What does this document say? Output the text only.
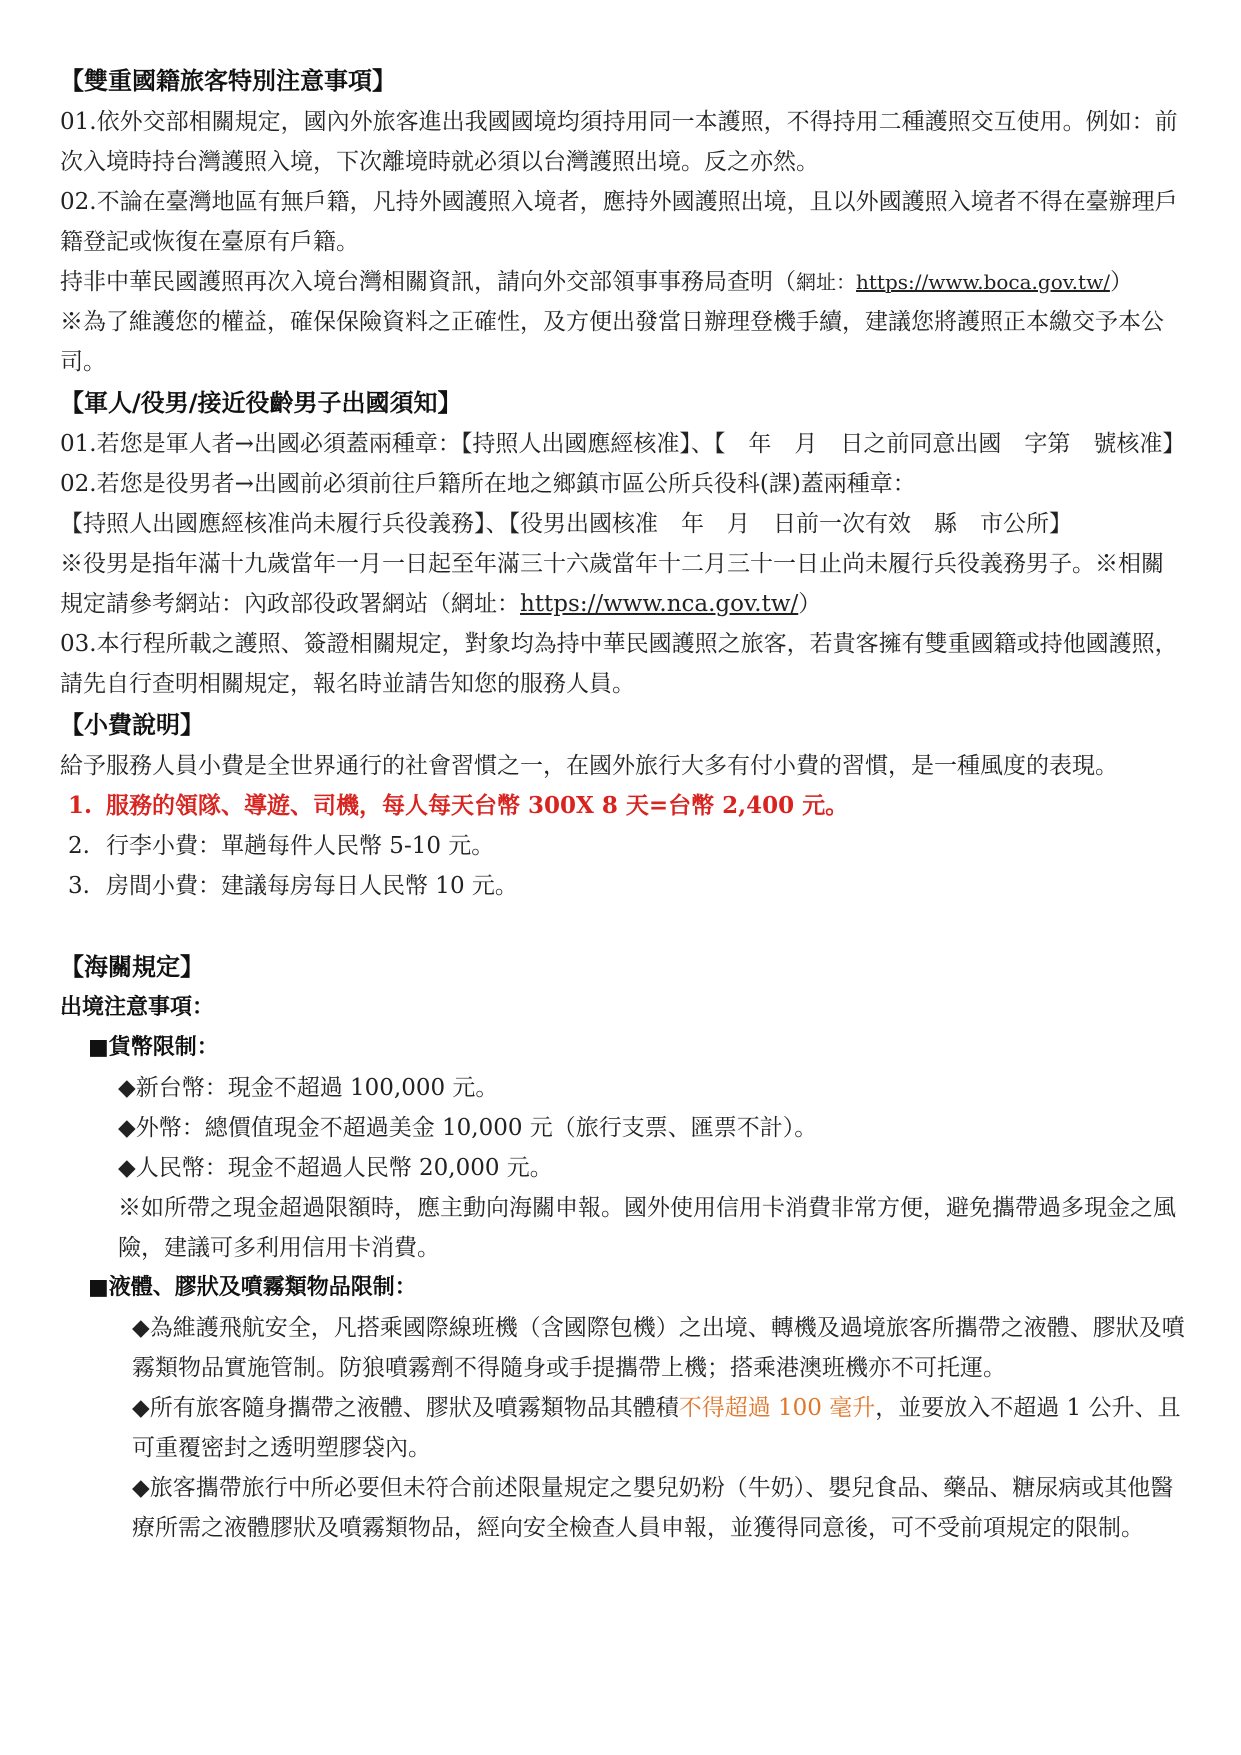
【雙重國籍旅客特別注意事項】

01.依外交部相關規定，國內外旅客進出我國國境均須持用同一本護照，不得持用二種護照交互使用。例如：前次入境時持台灣護照入境，下次離境時就必須以台灣護照出境。反之亦然。

02.不論在臺灣地區有無戶籍，凡持外國護照入境者，應持外國護照出境，且以外國護照入境者不得在臺辦理戶籍登記或恢復在臺原有戶籍。

持非中華民國護照再次入境台灣相關資訊，請向外交部領事事務局查明（網址：https://www.boca.gov.tw/）

※為了維護您的權益，確保保險資料之正確性，及方便出發當日辦理登機手續，建議您將護照正本繳交予本公司。

【軍人/役男/接近役齡男子出國須知】

01.若您是軍人者→出國必須蓋兩種章：【持照人出國應經核准】、【　年　月　日之前同意出國　字第　號核准】

02.若您是役男者→出國前必須前往戶籍所在地之鄉鎮市區公所兵役科(課)蓋兩種章：

【持照人出國應經核准尚未履行兵役義務】、【役男出國核准　年　月　日前一次有效　縣　市公所】

※役男是指年滿十九歲當年一月一日起至年滿三十六歲當年十二月三十一日止尚未履行兵役義務男子。※相關規定請參考網站：內政部役政署網站（網址：https://www.nca.gov.tw/）

03.本行程所載之護照、簽證相關規定，對象均為持中華民國護照之旅客，若貴客擁有雙重國籍或持他國護照，請先自行查明相關規定，報名時並請告知您的服務人員。

【小費說明】

給予服務人員小費是全世界通行的社會習慣之一，在國外旅行大多有付小費的習慣，是一種風度的表現。

1. 服務的領隊、導遊、司機，每人每天台幣 300X 8 天=台幣 2,400 元。
2. 行李小費：單趟每件人民幣 5-10 元。
3. 房間小費：建議每房每日人民幣 10 元。

【海關規定】

出境注意事項：

■貨幣限制：

◆新台幣：現金不超過 100,000 元。

◆外幣：總價值現金不超過美金 10,000 元（旅行支票、匯票不計）。

◆人民幣：現金不超過人民幣 20,000 元。

※如所帶之現金超過限額時，應主動向海關申報。國外使用信用卡消費非常方便，避免攜帶過多現金之風險，建議可多利用信用卡消費。

■液體、膠狀及噴霧類物品限制：

◆為維護飛航安全，凡搭乘國際線班機（含國際包機）之出境、轉機及過境旅客所攜帶之液體、膠狀及噴霧類物品實施管制。防狼噴霧劑不得隨身或手提攜帶上機；搭乘港澳班機亦不可托運。

◆所有旅客隨身攜帶之液體、膠狀及噴霧類物品其體積不得超過 100 毫升，並要放入不超過 1 公升、且可重覆密封之透明塑膠袋內。

◆旅客攜帶旅行中所必要但未符合前述限量規定之嬰兒奶粉（牛奶）、嬰兒食品、藥品、糖尿病或其他醫療所需之液體膠狀及噴霧類物品，經向安全檢查人員申報，並獲得同意後，可不受前項規定的限制。
